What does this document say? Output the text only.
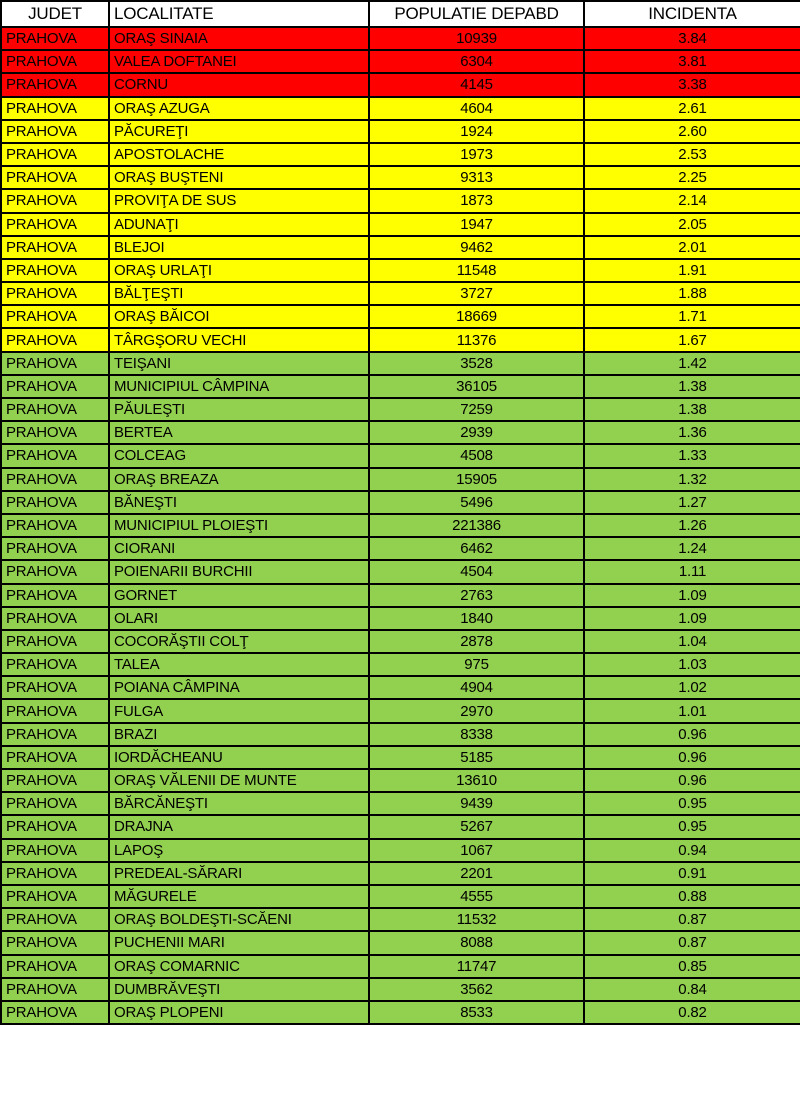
JUDET	LOCALITATE	POPULATIE DEPABD	INCIDENTA
PRAHOVA	ORAŞ SINAIA	10939	3.84
PRAHOVA	VALEA DOFTANEI	6304	3.81
PRAHOVA	CORNU	4145	3.38
PRAHOVA	ORAŞ AZUGA	4604	2.61
PRAHOVA	PĂCUREŢI	1924	2.60
PRAHOVA	APOSTOLACHE	1973	2.53
PRAHOVA	ORAŞ BUŞTENI	9313	2.25
PRAHOVA	PROVIŢA DE SUS	1873	2.14
PRAHOVA	ADUNAŢI	1947	2.05
PRAHOVA	BLEJOI	9462	2.01
PRAHOVA	ORAŞ URLAŢI	11548	1.91
PRAHOVA	BĂLŢEŞTI	3727	1.88
PRAHOVA	ORAŞ BĂICOI	18669	1.71
PRAHOVA	TÂRGŞORU VECHI	11376	1.67
PRAHOVA	TEIŞANI	3528	1.42
PRAHOVA	MUNICIPIUL CÂMPINA	36105	1.38
PRAHOVA	PĂULEŞTI	7259	1.38
PRAHOVA	BERTEA	2939	1.36
PRAHOVA	COLCEAG	4508	1.33
PRAHOVA	ORAŞ BREAZA	15905	1.32
PRAHOVA	BĂNEŞTI	5496	1.27
PRAHOVA	MUNICIPIUL PLOIEŞTI	221386	1.26
PRAHOVA	CIORANI	6462	1.24
PRAHOVA	POIENARII BURCHII	4504	1.11
PRAHOVA	GORNET	2763	1.09
PRAHOVA	OLARI	1840	1.09
PRAHOVA	COCORĂŞTII COLŢ	2878	1.04
PRAHOVA	TALEA	975	1.03
PRAHOVA	POIANA CÂMPINA	4904	1.02
PRAHOVA	FULGA	2970	1.01
PRAHOVA	BRAZI	8338	0.96
PRAHOVA	IORDĂCHEANU	5185	0.96
PRAHOVA	ORAŞ VĂLENII DE MUNTE	13610	0.96
PRAHOVA	BĂRCĂNEŞTI	9439	0.95
PRAHOVA	DRAJNA	5267	0.95
PRAHOVA	LAPOŞ	1067	0.94
PRAHOVA	PREDEAL-SĂRARI	2201	0.91
PRAHOVA	MĂGURELE	4555	0.88
PRAHOVA	ORAŞ BOLDEŞTI-SCĂENI	11532	0.87
PRAHOVA	PUCHENII MARI	8088	0.87
PRAHOVA	ORAŞ COMARNIC	11747	0.85
PRAHOVA	DUMBRĂVEŞTI	3562	0.84
PRAHOVA	ORAŞ PLOPENI	8533	0.82
